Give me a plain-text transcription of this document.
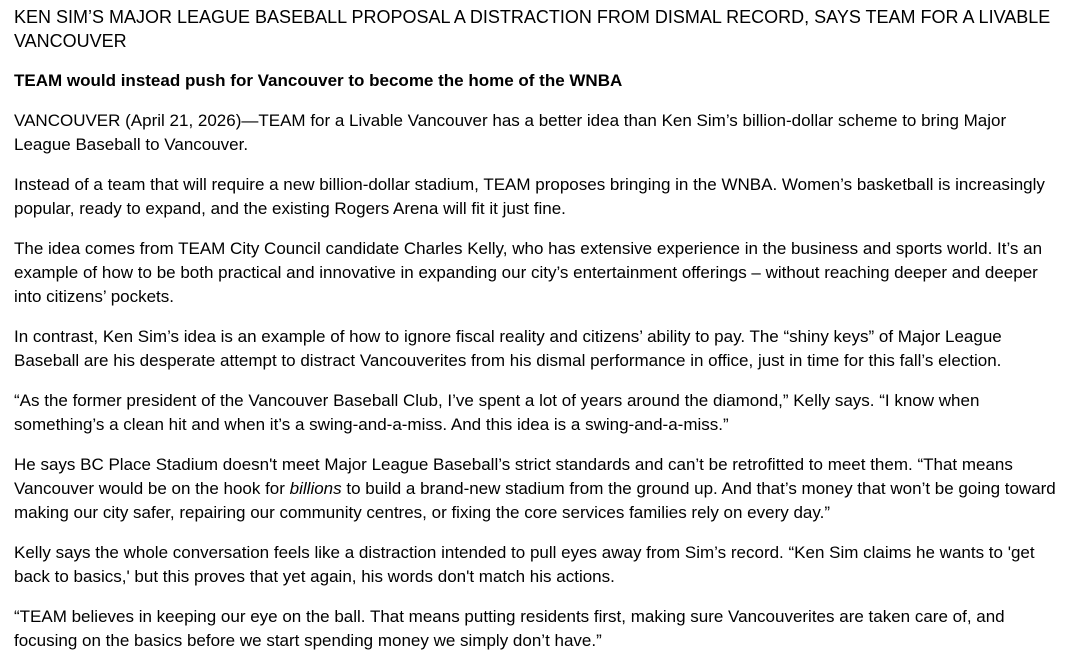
KEN SIM’S MAJOR LEAGUE BASEBALL PROPOSAL A DISTRACTION FROM DISMAL RECORD, SAYS TEAM FOR A LIVABLE VANCOUVER
TEAM would instead push for Vancouver to become the home of the WNBA

VANCOUVER (April 21, 2026)—TEAM for a Livable Vancouver has a better idea than Ken Sim’s billion-dollar scheme to bring Major League Baseball to Vancouver.

Instead of a team that will require a new billion-dollar stadium, TEAM proposes bringing in the WNBA. Women’s basketball is increasingly popular, ready to expand, and the existing Rogers Arena will fit it just fine.

The idea comes from TEAM City Council candidate Charles Kelly, who has extensive experience in the business and sports world. It’s an example of how to be both practical and innovative in expanding our city’s entertainment offerings – without reaching deeper and deeper into citizens’ pockets.

In contrast, Ken Sim’s idea is an example of how to ignore fiscal reality and citizens’ ability to pay. The “shiny keys” of Major League Baseball are his desperate attempt to distract Vancouverites from his dismal performance in office, just in time for this fall’s election.

“As the former president of the Vancouver Baseball Club, I’ve spent a lot of years around the diamond,” Kelly says. “I know when something’s a clean hit and when it’s a swing-and-a-miss. And this idea is a swing-and-a-miss.”

He says BC Place Stadium doesn't meet Major League Baseball’s strict standards and can’t be retrofitted to meet them. “That means Vancouver would be on the hook for billions to build a brand-new stadium from the ground up. And that’s money that won’t be going toward making our city safer, repairing our community centres, or fixing the core services families rely on every day.”

Kelly says the whole conversation feels like a distraction intended to pull eyes away from Sim’s record. “Ken Sim claims he wants to 'get back to basics,' but this proves that yet again, his words don't match his actions.

“TEAM believes in keeping our eye on the ball. That means putting residents first, making sure Vancouverites are taken care of, and focusing on the basics before we start spending money we simply don’t have.”
